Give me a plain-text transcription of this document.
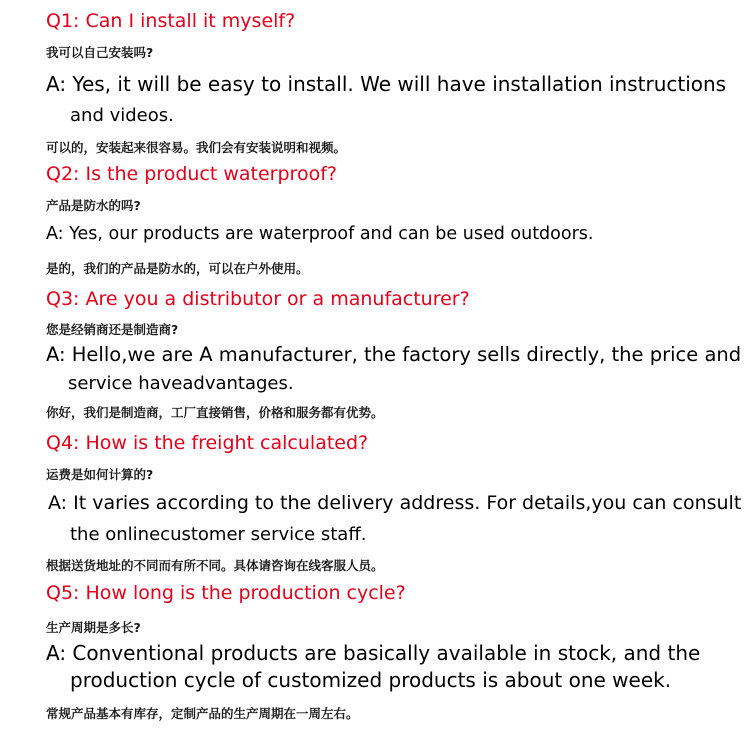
Q1: Can I install it myself?
我可以自己安装吗?
A: Yes, it will be easy to install. We will have installation instructions
and videos.
可以的，安装起来很容易。我们会有安装说明和视频。
Q2: Is the product waterproof?
产品是防水的吗?
A: Yes, our products are waterproof and can be used outdoors.
是的，我们的产品是防水的，可以在户外使用。
Q3: Are you a distributor or a manufacturer?
您是经销商还是制造商?
A: Hello,we are A manufacturer, the factory sells directly, the price and
service haveadvantages.
你好，我们是制造商，工厂直接销售，价格和服务都有优势。
Q4: How is the freight calculated?
运费是如何计算的?
A: It varies according to the delivery address. For details,you can consult
the onlinecustomer service staff.
根据送货地址的不同而有所不同。具体请咨询在线客服人员。
Q5: How long is the production cycle?
生产周期是多长?
A: Conventional products are basically available in stock, and the
production cycle of customized products is about one week.
常规产品基本有库存，定制产品的生产周期在一周左右。
